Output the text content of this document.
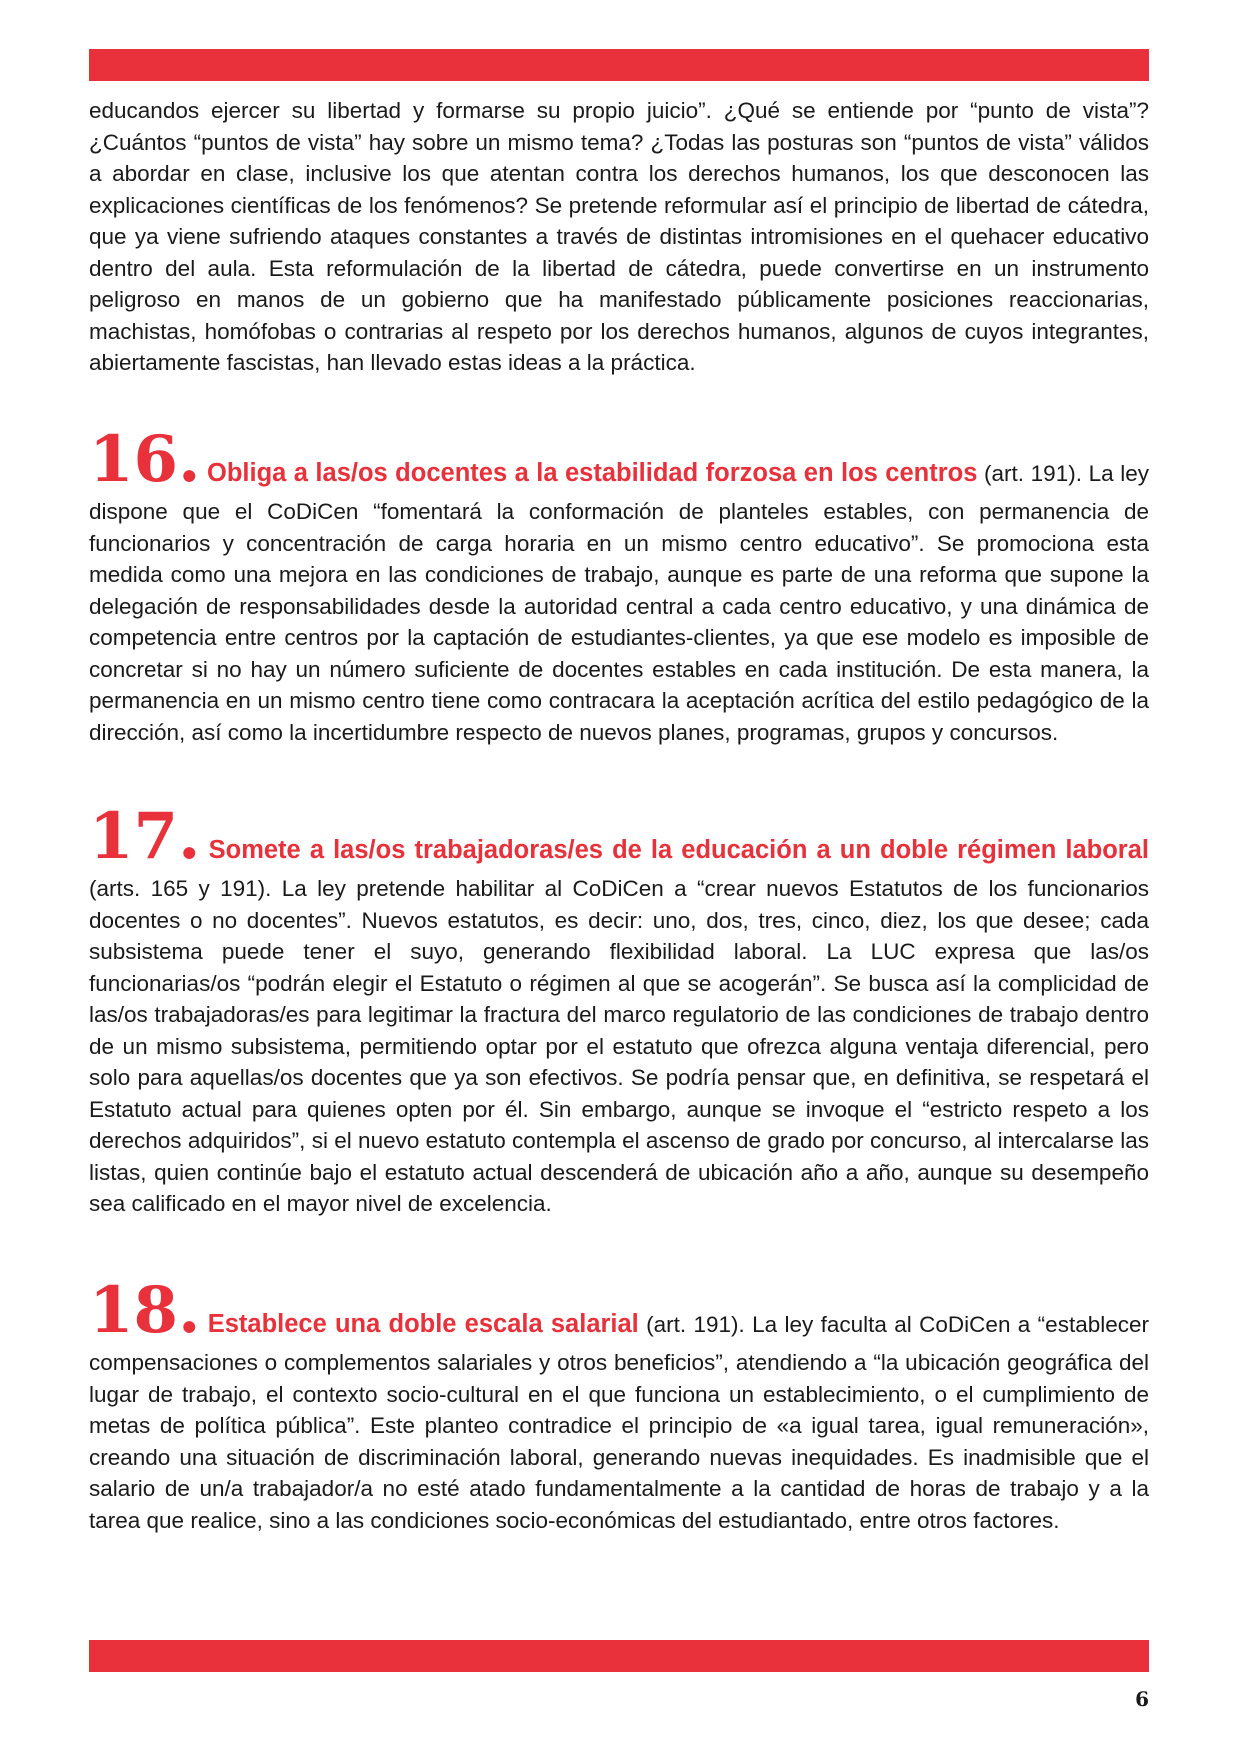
educandos ejercer su libertad y formarse su propio juicio”. ¿Qué se entiende por “punto de vista”? ¿Cuántos “puntos de vista” hay sobre un mismo tema? ¿Todas las posturas son “puntos de vista” válidos a abordar en clase, inclusive los que atentan contra los derechos humanos, los que desconocen las explicaciones científicas de los fenómenos? Se pretende reformular así el principio de libertad de cátedra, que ya viene sufriendo ataques constantes a través de distintas intromisiones en el quehacer educativo dentro del aula. Esta reformulación de la libertad de cátedra, puede convertirse en un instrumento peligroso en manos de un gobierno que ha manifestado públicamente posiciones reaccionarias, machistas, homófobas o contrarias al respeto por los derechos humanos, algunos de cuyos integrantes, abiertamente fascistas, han llevado estas ideas a la práctica.

16. Obliga a las/os docentes a la estabilidad forzosa en los centros (art. 191). La ley dispone que el CoDiCen “fomentará la conformación de planteles estables, con permanencia de funcionarios y concentración de carga horaria en un mismo centro educativo”. Se promociona esta medida como una mejora en las condiciones de trabajo, aunque es parte de una reforma que supone la delegación de responsabilidades desde la autoridad central a cada centro educativo, y una dinámica de competencia entre centros por la captación de estudiantes-clientes, ya que ese modelo es imposible de concretar si no hay un número suficiente de docentes estables en cada institución. De esta manera, la permanencia en un mismo centro tiene como contracara la aceptación acrítica del estilo pedagógico de la dirección, así como la incertidumbre respecto de nuevos planes, programas, grupos y concursos.

17. Somete a las/os trabajadoras/es de la educación a un doble régimen laboral (arts. 165 y 191). La ley pretende habilitar al CoDiCen a “crear nuevos Estatutos de los funcionarios docentes o no docentes”. Nuevos estatutos, es decir: uno, dos, tres, cinco, diez, los que desee; cada subsistema puede tener el suyo, generando flexibilidad laboral. La LUC expresa que las/os funcionarias/os “podrán elegir el Estatuto o régimen al que se acogerán”. Se busca así la complicidad de las/os trabajadoras/es para legitimar la fractura del marco regulatorio de las condiciones de trabajo dentro de un mismo subsistema, permitiendo optar por el estatuto que ofrezca alguna ventaja diferencial, pero solo para aquellas/os docentes que ya son efectivos. Se podría pensar que, en definitiva, se respetará el Estatuto actual para quienes opten por él. Sin embargo, aunque se invoque el “estricto respeto a los derechos adquiridos”, si el nuevo estatuto contempla el ascenso de grado por concurso, al intercalarse las listas, quien continúe bajo el estatuto actual descenderá de ubicación año a año, aunque su desempeño sea calificado en el mayor nivel de excelencia.

18. Establece una doble escala salarial (art. 191). La ley faculta al CoDiCen a “establecer compensaciones o complementos salariales y otros beneficios”, atendiendo a “la ubicación geográfica del lugar de trabajo, el contexto socio-cultural en el que funciona un establecimiento, o el cumplimiento de metas de política pública”. Este planteo contradice el principio de «a igual tarea, igual remuneración», creando una situación de discriminación laboral, generando nuevas inequidades. Es inadmisible que el salario de un/a trabajador/a no esté atado fundamentalmente a la cantidad de horas de trabajo y a la tarea que realice, sino a las condiciones socio-económicas del estudiantado, entre otros factores.

6
